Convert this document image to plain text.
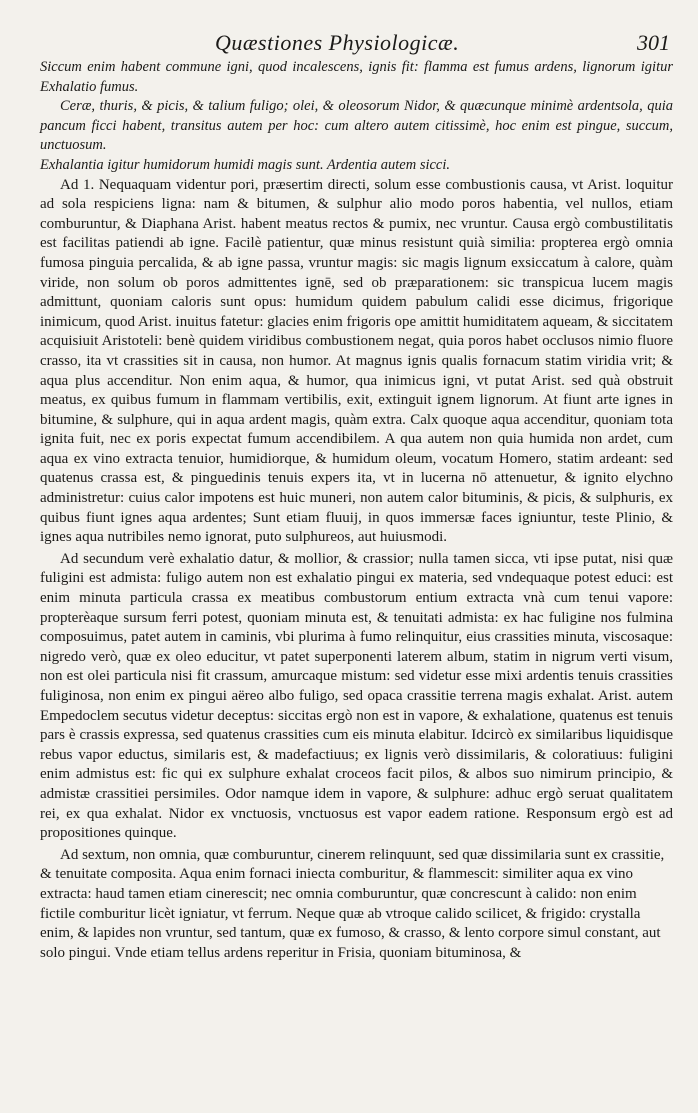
Quæstiones Physiologicæ.	301

Siccum enim habent commune igni, quod incalescens, ignis fit: flamma est fumus ardens, lignorum igitur Exhalatio fumus.

Ceræ, thuris, & picis, & talium fuligo; olei, & oleosorum Nidor, & quæcunque minimè ardentsola, quia pancum ficci habent, transitus autem per hoc: cum altero autem citissimè, hoc enim est pingue, succum, unctuosum.

Exhalantia igitur humidorum humidi magis sunt. Ardentia autem sicci.

Ad 1. Nequaquam videntur pori, præsertim directi, solum esse combustionis causa, vt Arist. loquitur ad sola respiciens ligna: nam & bitumen, & sulphur alio modo poros habentia, vel nullos, etiam comburuntur, & Diaphana Arist. habent meatus rectos & pumix, nec vruntur. Causa ergò combustilitatis est facilitas patiendi ab igne. Facilè patientur, quæ minus resistunt quià similia: propterea ergò omnia fumosa pinguia percalida, & ab igne passa, vruntur magis: sic magis lignum exsiccatum à calore, quàm viride, non solum ob poros admittentes ignē, sed ob præparationem: sic transpicua lucem magis admittunt, quoniam caloris sunt opus: humidum quidem pabulum calidi esse dicimus, frigorique inimicum, quod Arist. inuitus fatetur: glacies enim frigoris ope amittit humiditatem aqueam, & siccitatem acquisiuit Aristoteli: benè quidem viridibus combustionem negat, quia poros habet occlusos nimio fluore crasso, ita vt crassities sit in causa, non humor. At magnus ignis qualis fornacum statim viridia vrit; & aqua plus accenditur. Non enim aqua, & humor, qua inimicus igni, vt putat Arist. sed quà obstruit meatus, ex quibus fumum in flammam vertibilis, exit, extinguit ignem lignorum. At fiunt arte ignes in bitumine, & sulphure, qui in aqua ardent magis, quàm extra. Calx quoque aqua accenditur, quoniam tota ignita fuit, nec ex poris expectat fumum accendibilem. A qua autem non quia humida non ardet, cum aqua ex vino extracta tenuior, humidiorque, & humidum oleum, vocatum Homero, statim ardeant: sed quatenus crassa est, & pinguedinis tenuis expers ita, vt in lucerna nō attenuetur, & ignito elychno administretur: cuius calor impotens est huic muneri, non autem calor bituminis, & picis, & sulphuris, ex quibus fiunt ignes aqua ardentes; Sunt etiam fluuij, in quos immersæ faces igniuntur, teste Plinio, & ignes aqua nutribiles nemo ignorat, puto sulphureos, aut huiusmodi.

Ad secundum verè exhalatio datur, & mollior, & crassior; nulla tamen sicca, vti ipse putat, nisi quæ fuligini est admista: fuligo autem non est exhalatio pingui ex materia, sed vndequaque potest educi: est enim minuta particula crassa ex meatibus combustorum entium extracta vnà cum tenui vapore: propterèaque sursum ferri potest, quoniam minuta est, & tenuitati admista: ex hac fuligine nos fulmina composuimus, patet autem in caminis, vbi plurima à fumo relinquitur, eius crassities minuta, viscosaque: nigredo verò, quæ ex oleo educitur, vt patet superponenti laterem album, statim in nigrum verti visum, non est olei particula nisi fit crassum, amurcaque mistum: sed videtur esse mixi ardentis tenuis crassities fuliginosa, non enim ex pingui aëreo albo fuligo, sed opaca crassitie terrena magis exhalat. Arist. autem Empedoclem secutus videtur deceptus: siccitas ergò non est in vapore, & exhalatione, quatenus est tenuis pars è crassis expressa, sed quatenus crassities cum eis minuta elabitur. Idcircò ex similaribus liquidisque rebus vapor eductus, similaris est, & madefactiuus; ex lignis verò dissimilaris, & coloratiuus: fuligini enim admistus est: fic qui ex sulphure exhalat croceos facit pilos, & albos suo nimirum principio, & admistæ crassitiei persimiles. Odor namque idem in vapore, & sulphure: adhuc ergò seruat qualitatem rei, ex qua exhalat. Nidor ex vnctuosis, vnctuosus est vapor eadem ratione. Responsum ergò est ad propositiones quinque.

Ad sextum, non omnia, quæ comburuntur, cinerem relinquunt, sed quæ dissimilaria sunt ex crassitie, & tenuitate composita. Aqua enim fornaci iniecta comburitur, & flammescit: similiter aqua ex vino extracta: haud tamen etiam cinerescit; nec omnia comburuntur, quæ concrescunt à calido: non enim fictile comburitur licèt igniatur, vt ferrum. Neque quæ ab vtroque calido scilicet, & frigido: crystalla enim, & lapides non vruntur, sed tantum, quæ ex fumoso, & crasso, & lento corpore simul constant, aut solo pingui. Vnde etiam tellus ardens reperitur in Frisia, quoniam bituminosa, &
